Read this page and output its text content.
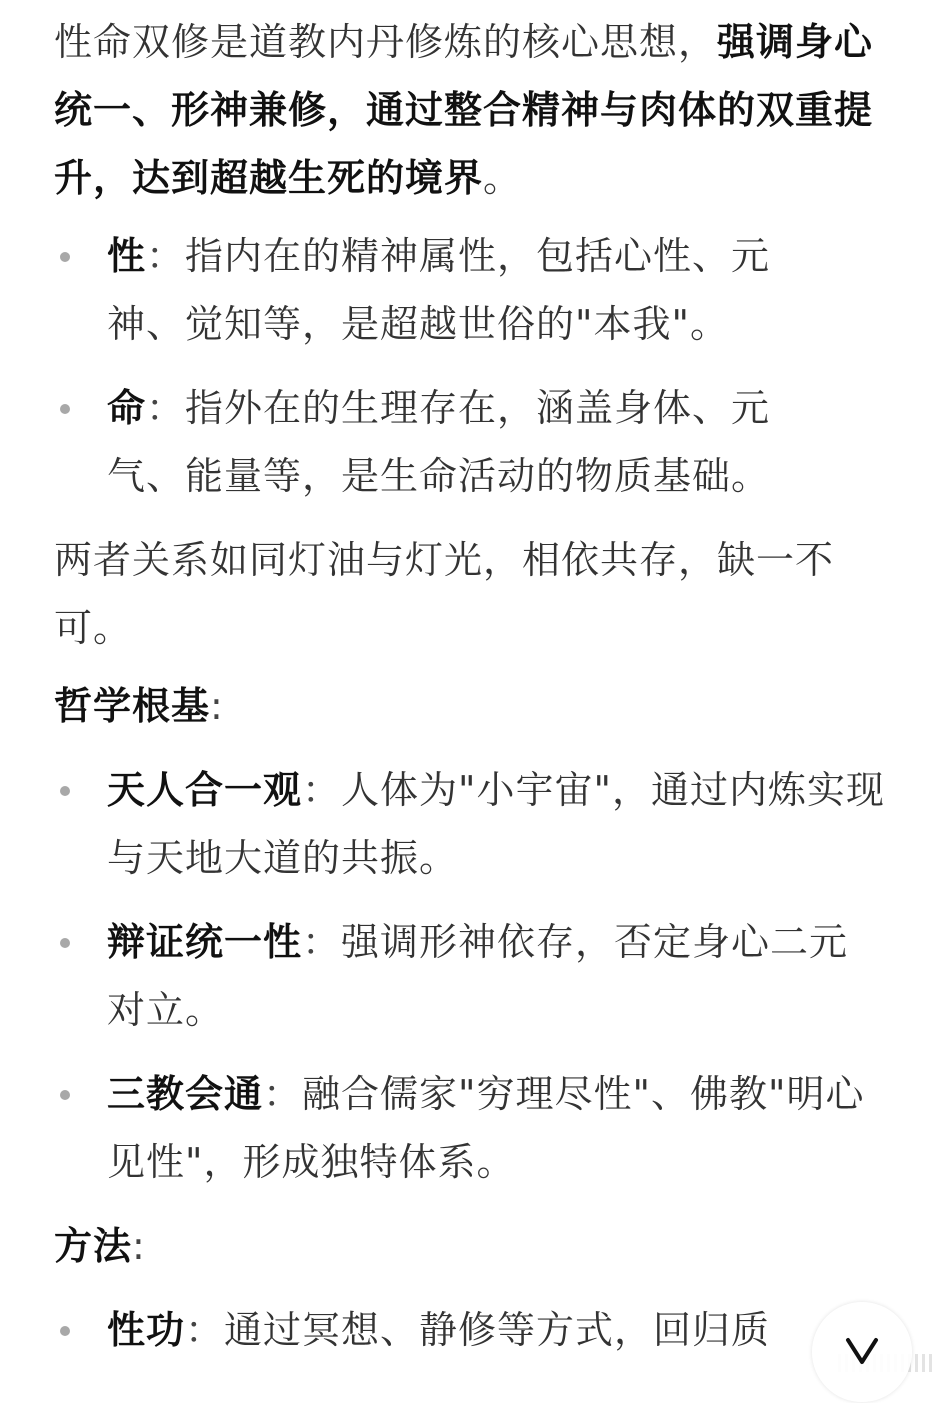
性命双修是道教内丹修炼的核心思想，强调身心统一、形神兼修，通过整合精神与肉体的双重提升，达到超越生死的境界。

性：指内在的精神属性，包括心性、元神、觉知等，是超越世俗的"本我"。
命：指外在的生理存在，涵盖身体、元气、能量等，是生命活动的物质基础。

两者关系如同灯油与灯光，相依共存，缺一不可。

哲学根基:
天人合一观：人体为"小宇宙"，通过内炼实现与天地大道的共振。
辩证统一性：强调形神依存，否定身心二元对立。
三教会通：融合儒家"穷理尽性"、佛教"明心见性"，形成独特体系。
方法:
性功：通过冥想、静修等方式，回归质
